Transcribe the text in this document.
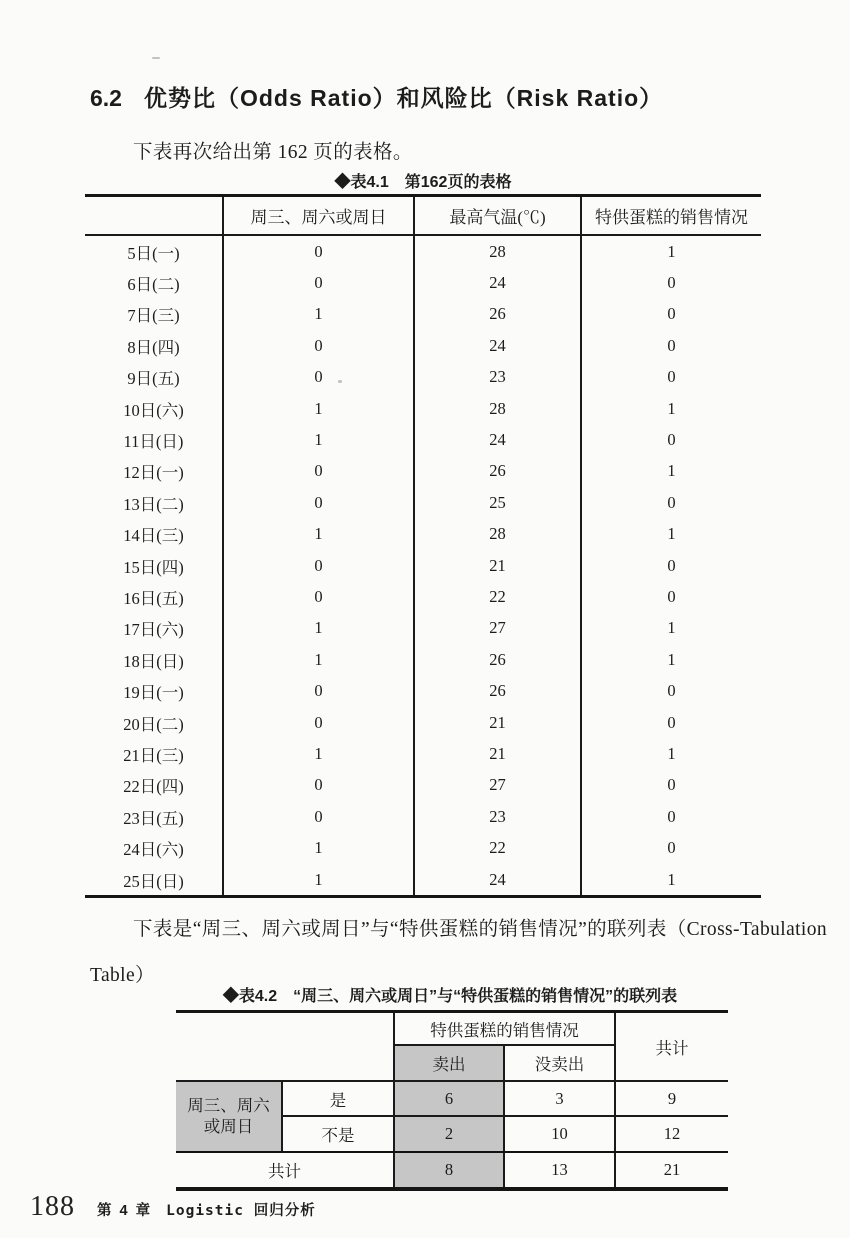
6.2 优势比（Odds Ratio）和风险比（Risk Ratio）
下表再次给出第 162 页的表格。
◆表4.1　第162页的表格
	周三、周六或周日	最高气温(℃)	特供蛋糕的销售情况
5日(一)	0	28	1
6日(二)	0	24	0
7日(三)	1	26	0
8日(四)	0	24	0
9日(五)	0	23	0
10日(六)	1	28	1
11日(日)	1	24	0
12日(一)	0	26	1
13日(二)	0	25	0
14日(三)	1	28	1
15日(四)	0	21	0
16日(五)	0	22	0
17日(六)	1	27	1
18日(日)	1	26	1
19日(一)	0	26	0
20日(二)	0	21	0
21日(三)	1	21	1
22日(四)	0	27	0
23日(五)	0	23	0
24日(六)	1	22	0
25日(日)	1	24	1
下表是“周三、周六或周日”与“特供蛋糕的销售情况”的联列表（Cross-Tabulation
Table）
◆表4.2　“周三、周六或周日”与“特供蛋糕的销售情况”的联列表
		特供蛋糕的销售情况		共计
		卖出	没卖出	
周三、周六
或周日	是	6	3	9
	不是	2	10	12
共计		8	13	21
188 第 4 章 Logistic 回归分析
